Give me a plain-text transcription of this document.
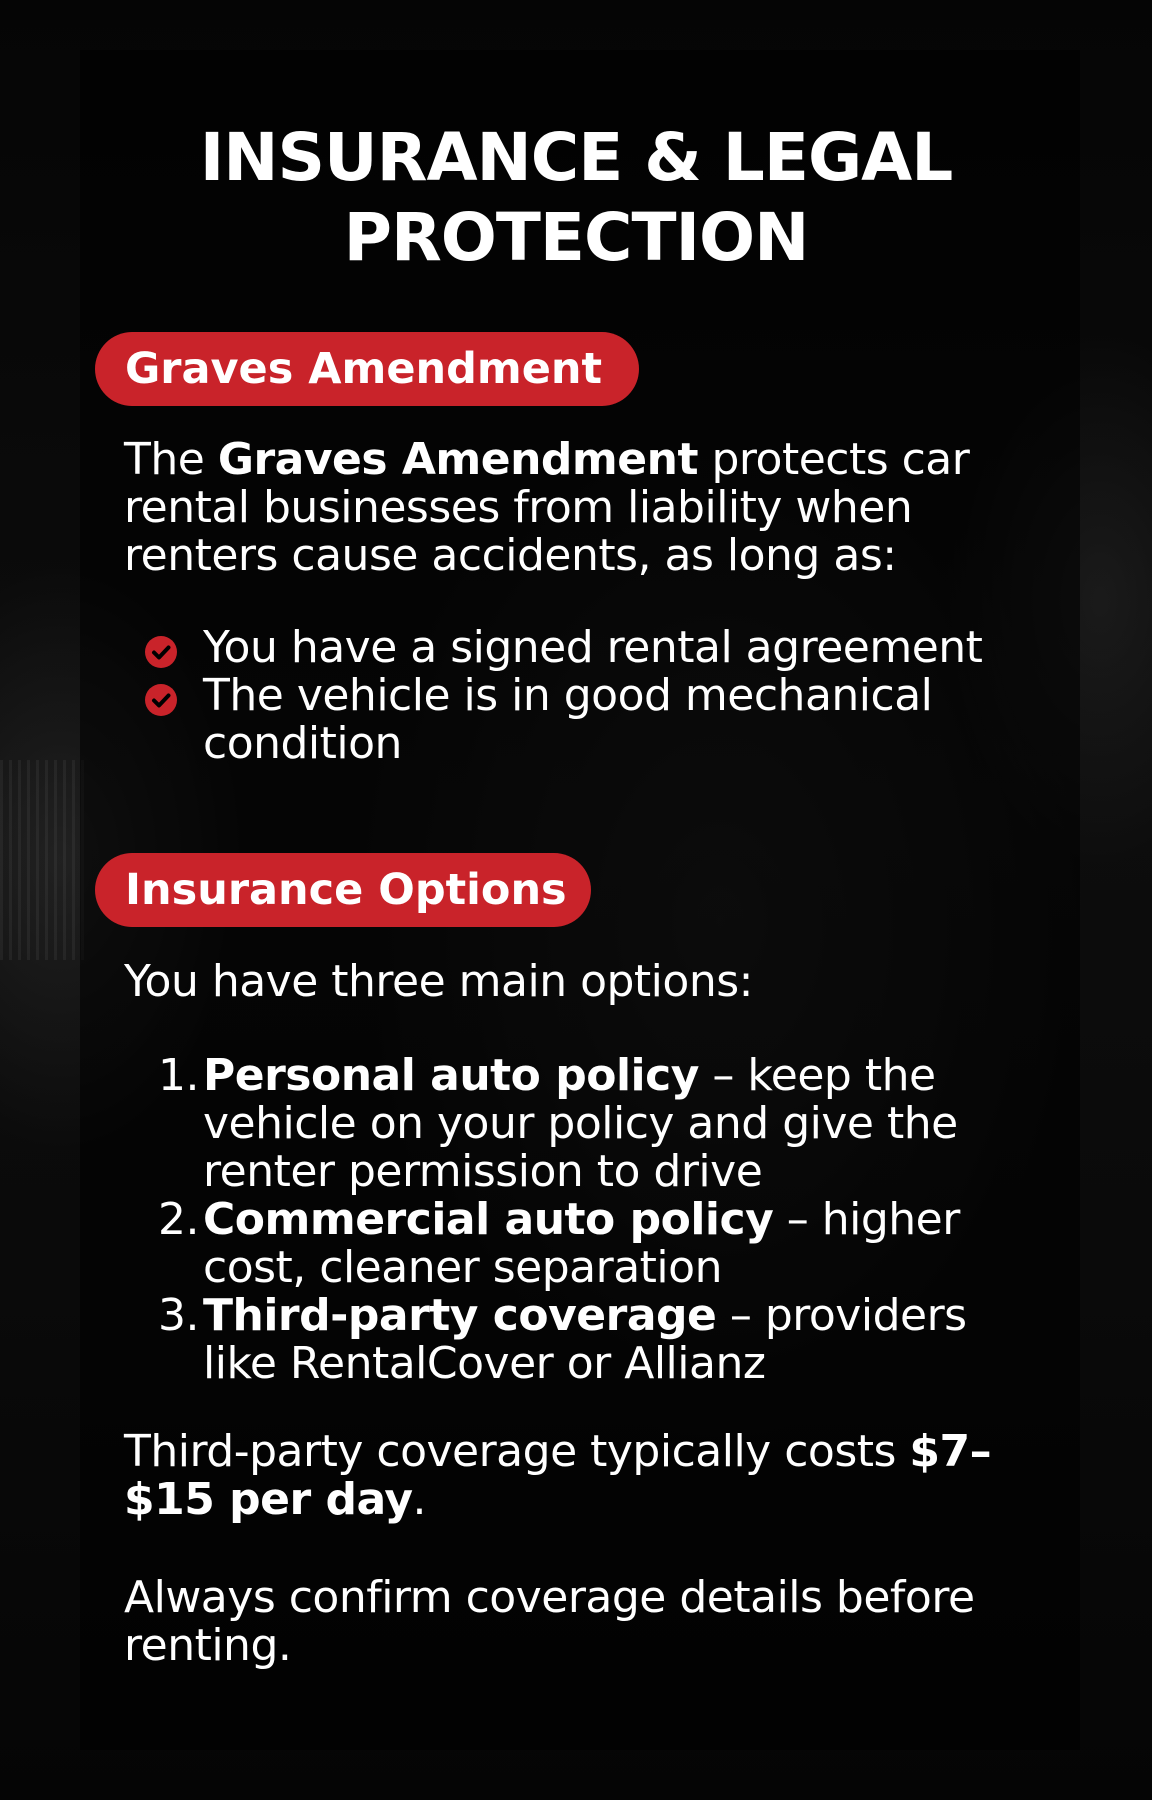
INSURANCE & LEGAL
PROTECTION
Graves Amendment

The Graves Amendment protects car rental businesses from liability when renters cause accidents, as long as:

You have a signed rental agreement
The vehicle is in good mechanical condition
Insurance Options

You have three main options:

1. Personal auto policy – keep the vehicle on your policy and give the renter permission to drive
2. Commercial auto policy – higher cost, cleaner separation
3. Third-party coverage – providers like RentalCover or Allianz

Third-party coverage typically costs $7–$15 per day.

Always confirm coverage details before renting.
